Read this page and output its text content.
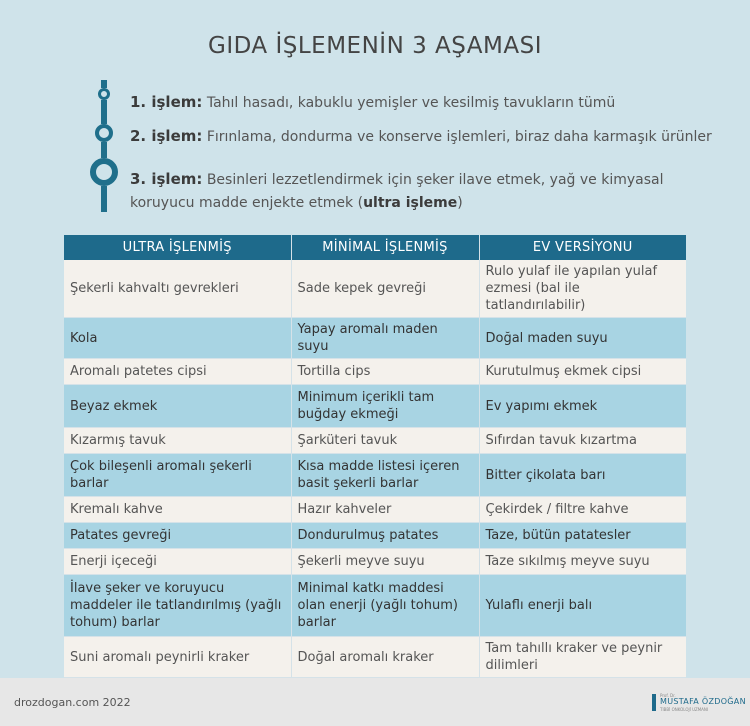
GIDA İŞLEMENİN 3 AŞAMASI
1. işlem: Tahıl hasadı, kabuklu yemişler ve kesilmiş tavukların tümü
2. işlem: Fırınlama, dondurma ve konserve işlemleri, biraz daha karmaşık ürünler
3. işlem: Besinleri lezzetlendirmek için şeker ilave etmek, yağ ve kimyasal
koruyucu madde enjekte etmek (ultra işleme)
ULTRA İŞLENMİŞ	MİNİMAL İŞLENMİŞ	EV VERSİYONU
Şekerli kahvaltı gevrekleri	Sade kepek gevreği	Rulo yulaf ile yapılan yulaf ezmesi (bal ile tatlandırılabilir)
Kola	Yapay aromalı maden suyu	Doğal maden suyu
Aromalı patetes cipsi	Tortilla cips	Kurutulmuş ekmek cipsi
Beyaz ekmek	Minimum içerikli tam buğday ekmeği	Ev yapımı ekmek
Kızarmış tavuk	Şarküteri tavuk	Sıfırdan tavuk kızartma
Çok bileşenli aromalı şekerli barlar	Kısa madde listesi içeren basit şekerli barlar	Bitter çikolata barı
Kremalı kahve	Hazır kahveler	Çekirdek / filtre kahve
Patates gevreği	Dondurulmuş patates	Taze, bütün patatesler
Enerji içeceği	Şekerli meyve suyu	Taze sıkılmış meyve suyu
İlave şeker ve koruyucu maddeler ile tatlandırılmış (yağlı tohum) barlar	Minimal katkı maddesi olan enerji (yağlı tohum) barlar	Yulaflı enerji balı
Suni aromalı peynirli kraker	Doğal aromalı kraker	Tam tahıllı kraker ve peynir dilimleri
drozdogan.com 2022
Prof. Dr.
MUSTAFA ÖZDOĞAN
TIBBİ ONKOLOJİ UZMANI
